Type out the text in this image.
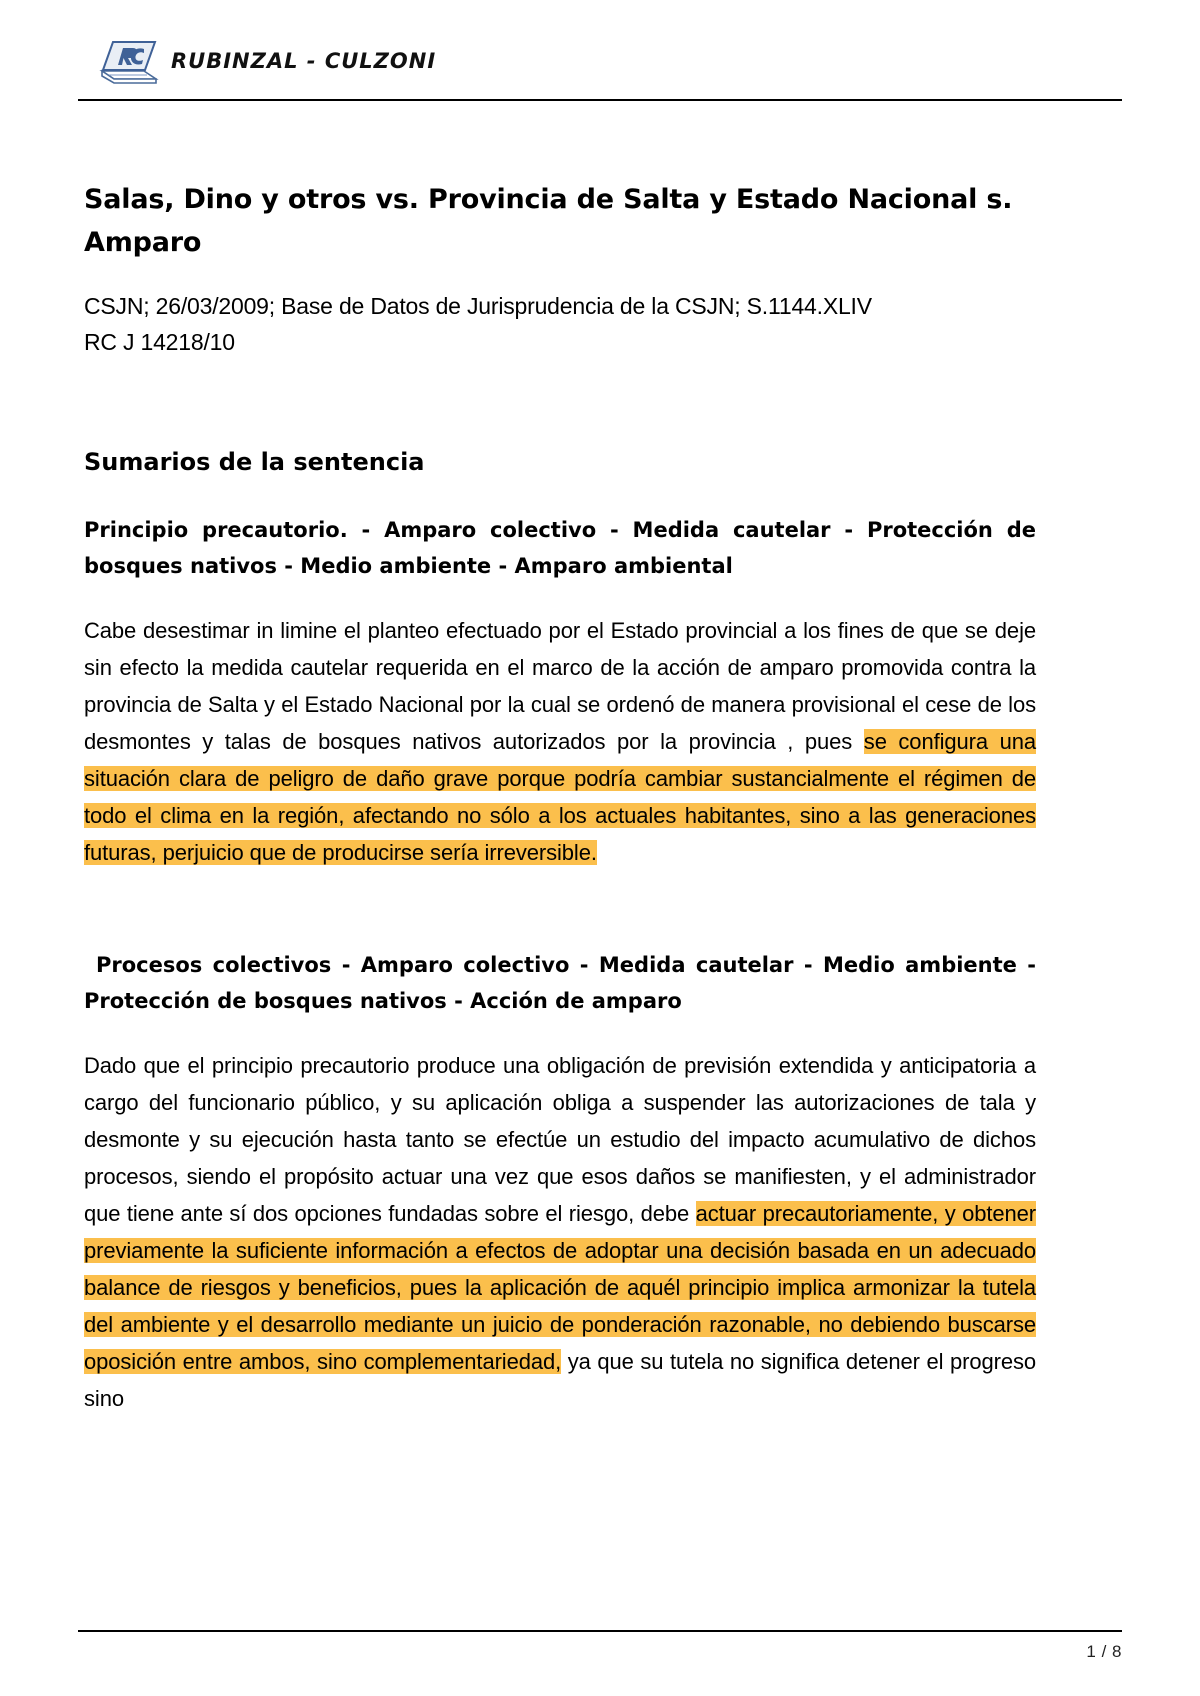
RUBINZAL - CULZONI
Salas, Dino y otros vs. Provincia de Salta y Estado Nacional s. Amparo

CSJN; 26/03/2009; Base de Datos de Jurisprudencia de la CSJN; S.1144.XLIV
RC J 14218/10

Sumarios de la sentencia
Principio precautorio. - Amparo colectivo - Medida cautelar - Protección de bosques nativos - Medio ambiente - Amparo ambiental

Cabe desestimar in limine el planteo efectuado por el Estado provincial a los fines de que se deje sin efecto la medida cautelar requerida en el marco de la acción de amparo promovida contra la provincia de Salta y el Estado Nacional por la cual se ordenó de manera provisional el cese de los desmontes y talas de bosques nativos autorizados por la provincia , pues se configura una situación clara de peligro de daño grave porque podría cambiar sustancialmente el régimen de todo el clima en la región, afectando no sólo a los actuales habitantes, sino a las generaciones futuras, perjuicio que de producirse sería irreversible.

Procesos colectivos - Amparo colectivo - Medida cautelar - Medio ambiente - Protección de bosques nativos - Acción de amparo

Dado que el principio precautorio produce una obligación de previsión extendida y anticipatoria a cargo del funcionario público, y su aplicación obliga a suspender las autorizaciones de tala y desmonte y su ejecución hasta tanto se efectúe un estudio del impacto acumulativo de dichos procesos, siendo el propósito actuar una vez que esos daños se manifiesten, y el administrador que tiene ante sí dos opciones fundadas sobre el riesgo, debe actuar precautoriamente, y obtener previamente la suficiente información a efectos de adoptar una decisión basada en un adecuado balance de riesgos y beneficios, pues la aplicación de aquél principio implica armonizar la tutela del ambiente y el desarrollo mediante un juicio de ponderación razonable, no debiendo buscarse oposición entre ambos, sino complementariedad, ya que su tutela no significa detener el progreso sino

1 / 8
